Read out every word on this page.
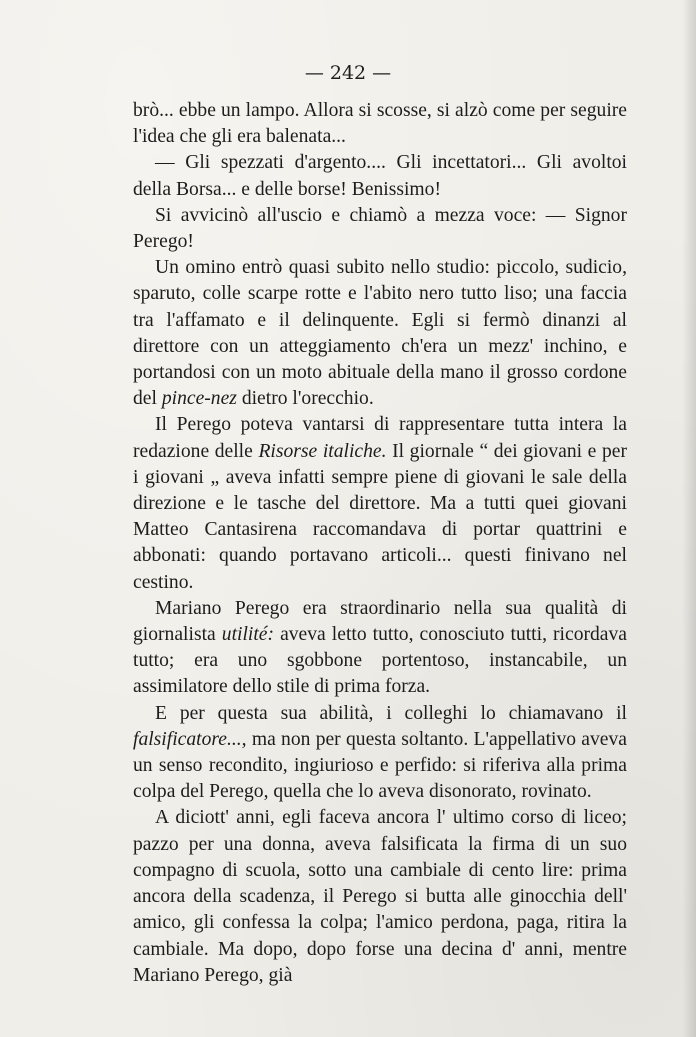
— 242 —

brò... ebbe un lampo. Allora si scosse, si alzò come per seguire l'idea che gli era balenata...

— Gli spezzati d'argento.... Gli incettatori... Gli avoltoi della Borsa... e delle borse! Benissimo!

Si avvicinò all'uscio e chiamò a mezza voce: — Signor Perego!

Un omino entrò quasi subito nello studio: piccolo, sudicio, sparuto, colle scarpe rotte e l'abito nero tutto liso; una faccia tra l'affamato e il delinquente. Egli si fermò dinanzi al direttore con un atteggiamento ch'era un mezz' inchino, e portandosi con un moto abituale della mano il grosso cordone del pince-nez dietro l'orecchio.

Il Perego poteva vantarsi di rappresentare tutta intera la redazione delle Risorse italiche. Il giornale “ dei giovani e per i giovani „ aveva infatti sempre piene di giovani le sale della direzione e le tasche del direttore. Ma a tutti quei giovani Matteo Cantasirena raccomandava di portar quattrini e abbonati: quando portavano articoli... questi finivano nel cestino.

Mariano Perego era straordinario nella sua qualità di giornalista utilité: aveva letto tutto, conosciuto tutti, ricordava tutto; era uno sgobbone portentoso, instancabile, un assimilatore dello stile di prima forza.

E per questa sua abilità, i colleghi lo chiamavano il falsificatore..., ma non per questa soltanto. L'appellativo aveva un senso recondito, ingiurioso e perfido: si riferiva alla prima colpa del Perego, quella che lo aveva disonorato, rovinato.

A diciott' anni, egli faceva ancora l' ultimo corso di liceo; pazzo per una donna, aveva falsificata la firma di un suo compagno di scuola, sotto una cambiale di cento lire: prima ancora della scadenza, il Perego si butta alle ginocchia dell' amico, gli confessa la colpa; l'amico perdona, paga, ritira la cambiale. Ma dopo, dopo forse una decina d' anni, mentre Mariano Perego, già
